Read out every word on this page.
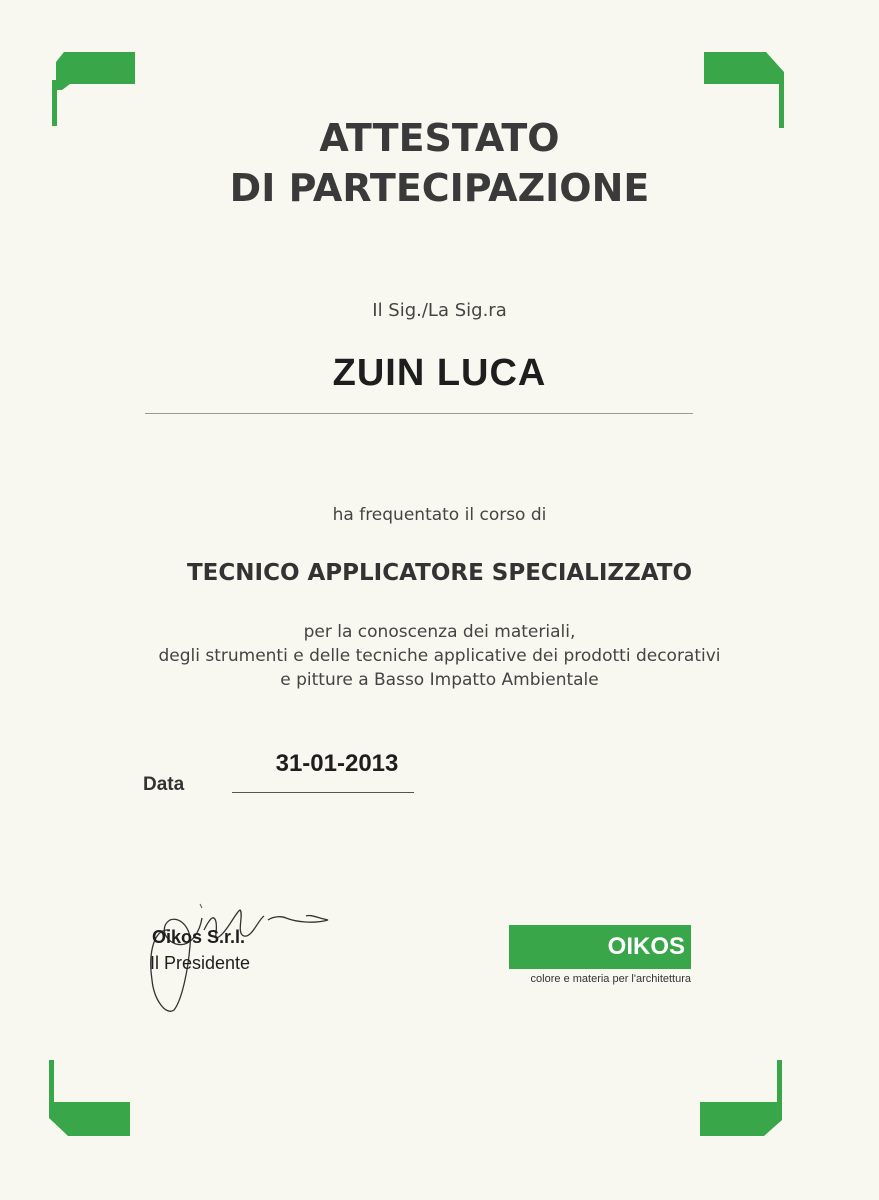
ATTESTATO
DI PARTECIPAZIONE
Il Sig./La Sig.ra
ZUIN LUCA
ha frequentato il corso di
TECNICO APPLICATORE SPECIALIZZATO
per la conoscenza dei materiali,
degli strumenti e delle tecniche applicative dei prodotti decorativi
e pitture a Basso Impatto Ambientale
Data
31-01-2013
Oikos S.r.l.
Il Presidente
OIKOS
colore e materia per l'architettura
